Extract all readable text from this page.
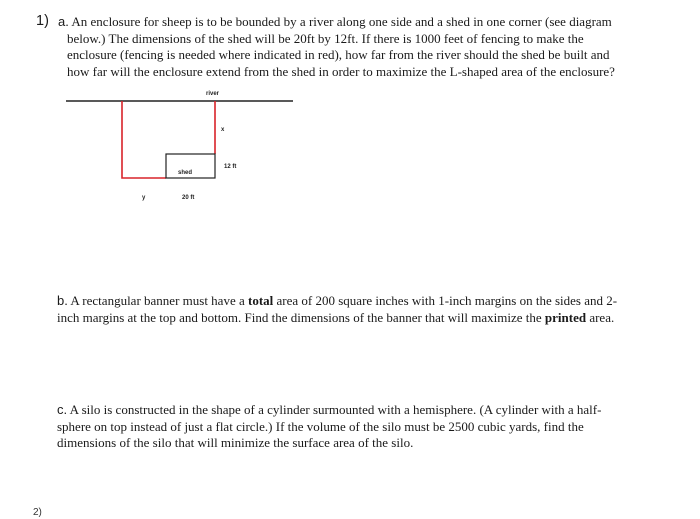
1) a. An enclosure for sheep is to be bounded by a river along one side and a shed in one corner (see diagram
below.) The dimensions of the shed will be 20ft by 12ft. If there is 1000 feet of fencing to make the
enclosure (fencing is needed where indicated in red), how far from the river should the shed be built and
how far will the enclosure extend from the shed in order to maximize the L-shaped area of the enclosure?
river
x
shed
12 ft
y	20 ft
b. A rectangular banner must have a total area of 200 square inches with 1-inch margins on the sides and 2-
inch margins at the top and bottom. Find the dimensions of the banner that will maximize the printed area.
c. A silo is constructed in the shape of a cylinder surmounted with a hemisphere. (A cylinder with a half-
sphere on top instead of just a flat circle.) If the volume of the silo must be 2500 cubic yards, find the
dimensions of the silo that will minimize the surface area of the silo.
2)
